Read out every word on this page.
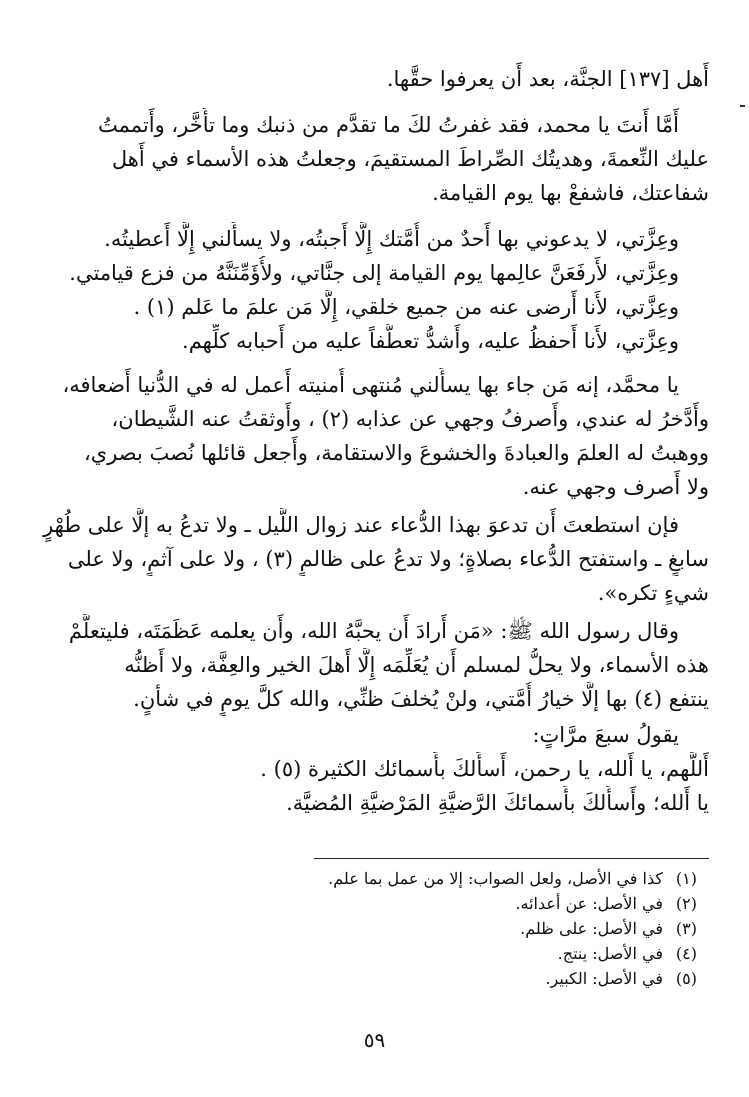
أَهل [١٣٧] الجنَّة، بعد أَن يعرفوا حقَّها.
أَمَّا أَنتَ يا محمد، فقد غفرتُ لكَ ما تقدَّم من ذنبك وما تأَخَّر، وأَتممتُ
عليك النِّعمةَ، وهديتُك الصِّراطَ المستقيمَ، وجعلتُ هذه الأسماء في أَهل
شفاعتك، فاشفعْ بها يوم القيامة.
وعِزَّتي، لا يدعوني بها أَحدٌ من أُمَّتك إِلَّا أَجبتُه، ولا يسأَلني إِلَّا أَعطيتُه.
وعِزَّتي، لأَرفَعَنَّ عالِمها يوم القيامة إلى جنَّاتي، ولأُؤَمِّنَنَّهُ من فزع قيامتي.
وعِزَّتي، لأَنا أَرضى عنه من جميع خلقي، إِلَّا مَن علمَ ما عَلم (١) .
وعِزَّتي، لأَنا أَحفظُ عليه، وأَشدُّ تعطُّفاً عليه من أَحبابه كلِّهم.
يا محمَّد، إنه مَن جاء بها يسأَلني مُنتهى أُمنيته أَعمل له في الدُّنيا أَضعافه،
وأَدَّخرُ له عندي، وأَصرفُ وجهي عن عذابه (٢) ، وأَوثقتُ عنه الشَّيطان،
ووهبتُ له العلمَ والعبادةَ والخشوعَ والاستقامة، وأَجعل قائلها نُصبَ بصري،
ولا أَصرف وجهي عنه.
فإن استطعتَ أَن تدعوَ بهذا الدُّعاء عند زوال اللَّيل ـ ولا تدعُ به إلَّا على طُهْرٍ
سابغٍ ـ واستفتح الدُّعاء بصلاةٍ؛ ولا تدعُ على ظالمٍ (٣) ، ولا على آثمٍ، ولا على
شيءٍ تكره».
وقال رسول الله ﷺ: «مَن أَرادَ أَن يحبَّهُ الله، وأَن يعلمه عَظَمَتَه، فليتعلَّمْ
هذه الأسماء، ولا يحلُّ لمسلم أَن يُعَلِّمَه إِلَّا أَهلَ الخير والعِفَّة، ولا أَظنُّه
ينتفع (٤) بها إلَّا خيارُ أُمَّتي، ولنْ يُخلفَ ظنِّي، والله كلَّ يومٍ في شأنٍ.
يقولُ سبعَ مرَّاتٍ:
أَللَّهم، يا أَلله، يا رحمن، أَسأَلكَ بأَسمائك الكثيرة (٥) .
يا أَلله؛ وأَسأَلكَ بأَسمائكَ الرَّضيَّةِ المَرْضيَّةِ المُضيَّة.
(١)كذا في الأصل، ولعل الصواب: إلا من عمل بما علم.
(٢)في الأصل: عن أعدائه.
(٣)في الأصل: على ظلم.
(٤)في الأصل: ينتج.
(٥)في الأصل: الكبير.
٥٩
